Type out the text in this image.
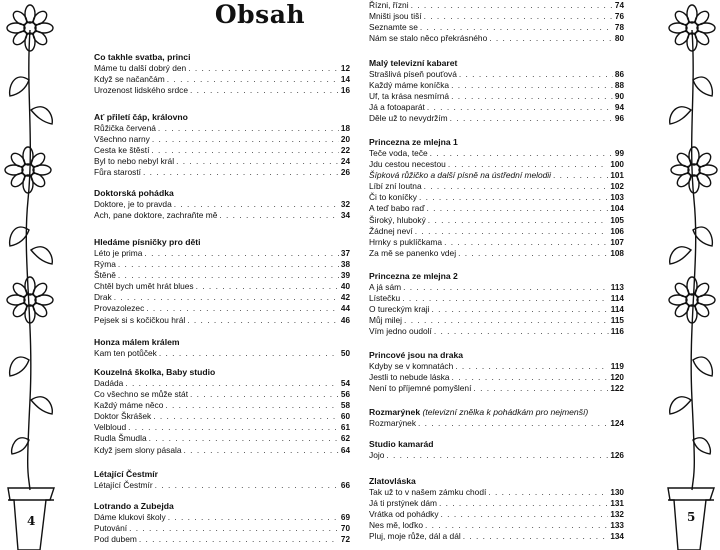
4	5
Obsah
Co takhle svatba, princi
Máme tu další dobrý den . . .	12
Když se načančám . . .	14
Urozenost lidského srdce . . .	16
Ať přiletí čáp, královno
Růžička červená . . .	18
Všechno narny . . .	20
Cesta ke štěstí . . .	22
Byl to nebo nebyl král . . .	24
Fůra starostí . . .	26
Doktorská pohádka
Doktore, je to pravda . . .	32
Ach, pane doktore, zachraňte mě . . .	34
Hledáme písničky pro děti
Léto je prima . . .	37
Rýma . . .	38
Štěně . . .	39
Chtěl bych umět hrát blues . . .	40
Drak . . .	42
Provazolezec . . .	44
Pejsek si s kočičkou hrál . . .	46
Honza málem králem
Kam ten potůček . . .	50
Kouzelná školka, Baby studio
Dadáda . . .	54
Co všechno se může stát . . .	56
Každý máme něco . . .	58
Doktor Škrášek . . .	60
Velbloud . . .	61
Rudla Šmudla . . .	62
Když jsem slony pásala . . .	64
Létající Čestmír
Létající Čestmír . . .	66
Lotrando a Zubejda
Dáme klukovi školy . . .	69
Putování . . .	70
Pod dubem . . .	72
Řízni, řízni . . .	74
Mništi jsou tiší . . .	76
Seznamte se . . .	78
Nám se stalo něco překrásného . . .	80
Malý televizní kabaret
Strašlivá píseň pouťová . . .	86
Každý máme koníčka . . .	88
Uf, ta krása nesmírná . . .	90
Já a fotoaparát . . .	94
Děle už to nevydržím . . .	96
Princezna ze mlejna 1
Teče voda, teče . . .	99
Jdu cestou necestou . . .	100
Šípková růžičko a další písně na ústřední melodii . . .	101
Líbí zní loutna . . .	102
Či to koníčky . . .	103
A teď babo raď . . .	104
Široký, hluboký . . .	105
Žádnej neví . . .	106
Hrnky s puklíčkama . . .	107
Za mě se panenko vdej . . .	108
Princezna ze mlejna 2
A já sám . . .	113
Lístečku . . .	114
O tureckým kraji . . .	114
Můj milej . . .	115
Vím jedno oudolí . . .	116
Princové jsou na draka
Kdyby se v komnatách . . .	119
Jestli to nebude láska . . .	120
Není to příjemné pomyšlení . . .	122
Rozmarýnek (televizní znělka k pohádkám pro nejmenší)
Rozmarýnek . . .	124
Studio kamarád
Jojo . . .	126
Zlatovláska
Tak už to v našem zámku chodí . . .	130
Já ti prstýnek dám . . .	131
Vrátka od pohádky . . .	132
Nes mě, loďko . . .	133
Pluj, moje růže, dál a dál . . .	134
